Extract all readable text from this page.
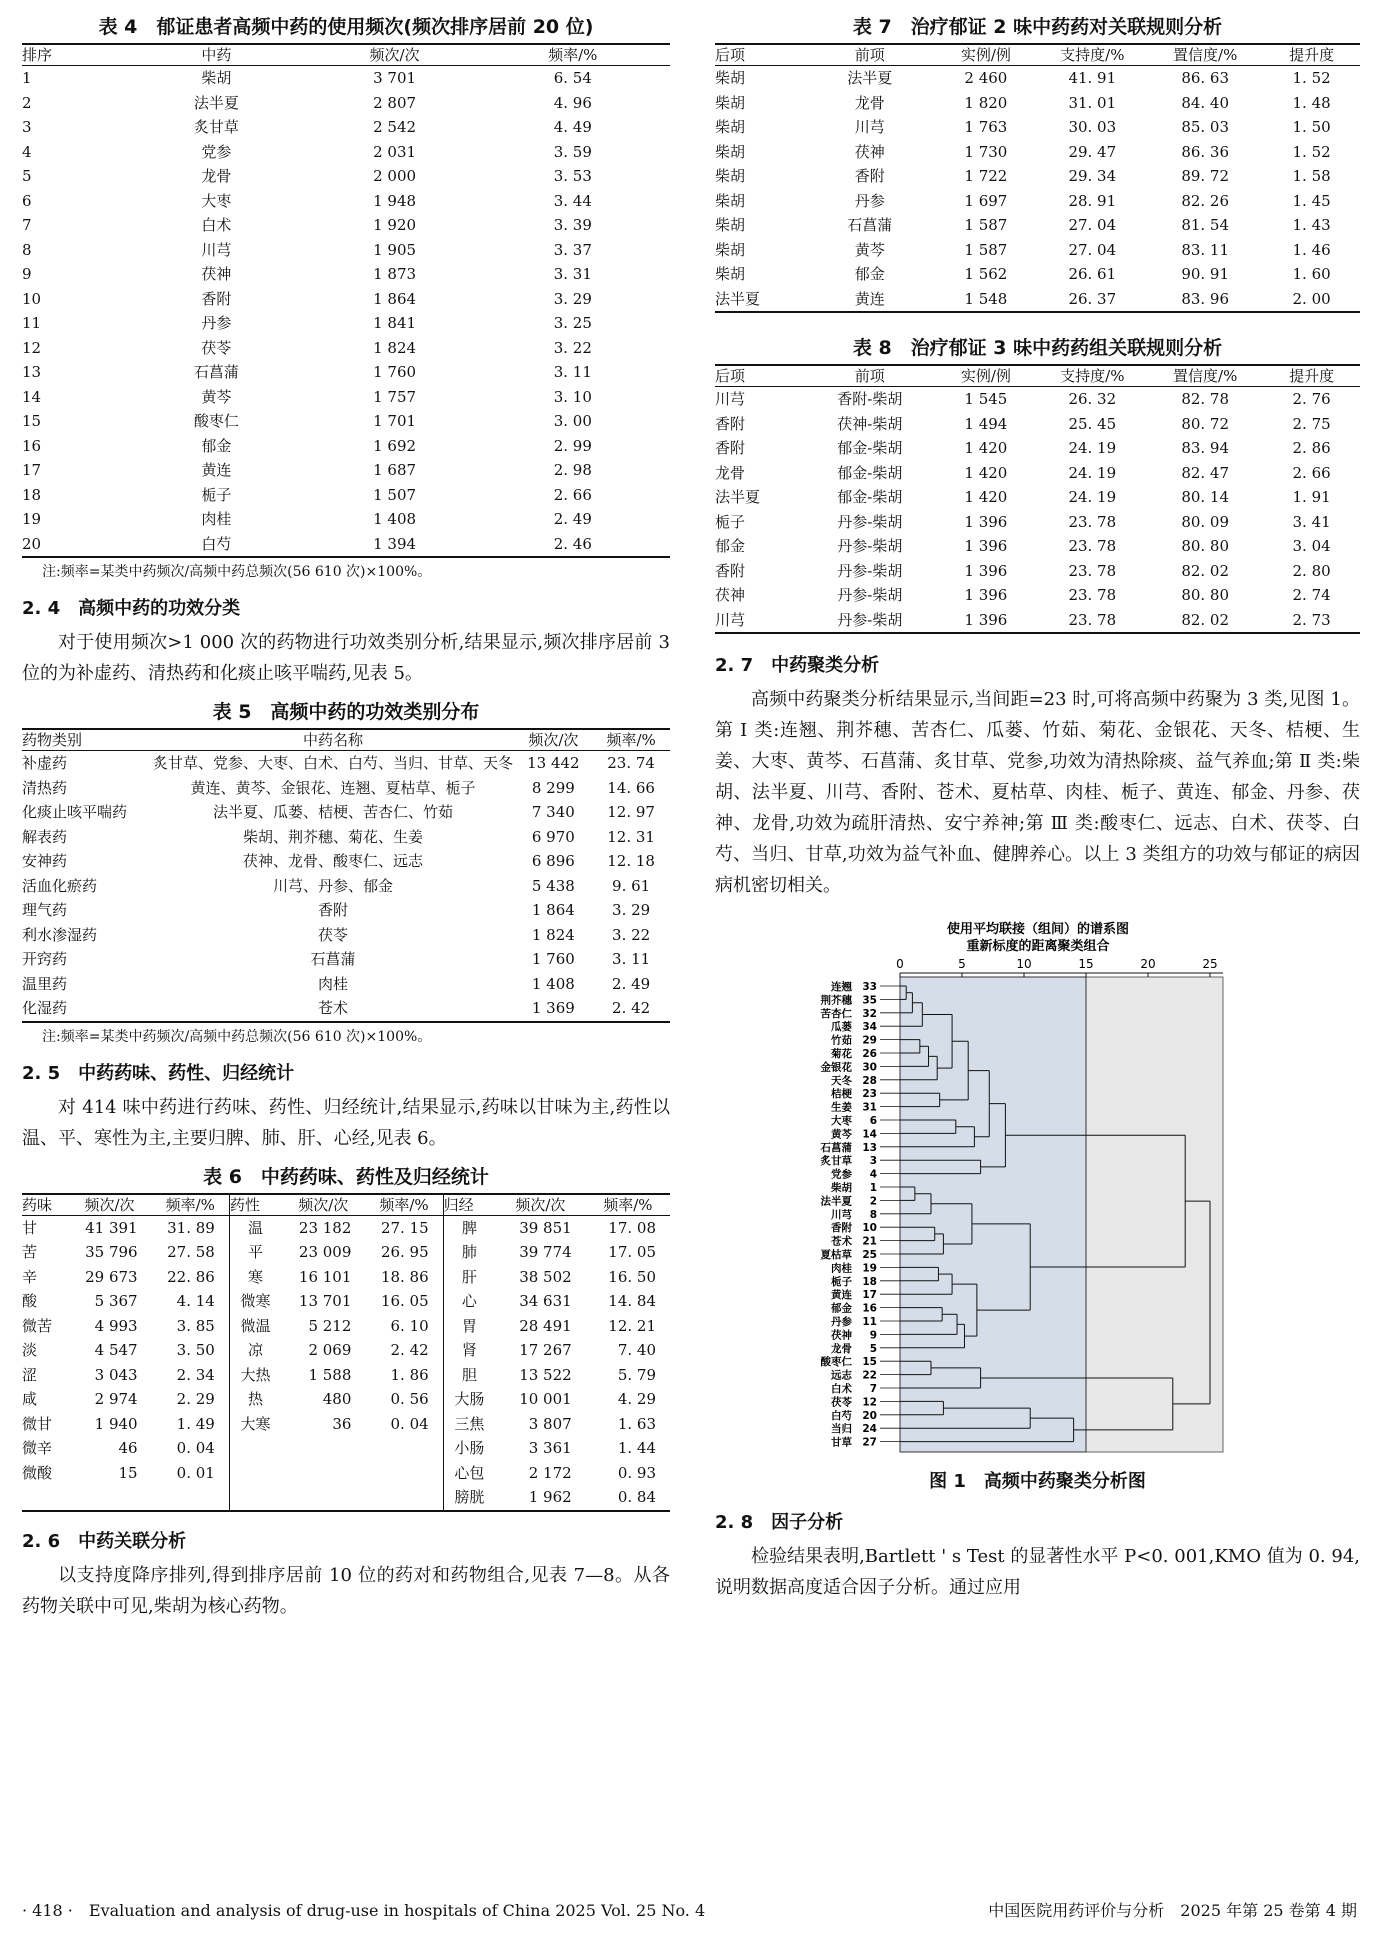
表 4　郁证患者高频中药的使用频次(频次排序居前 20 位)
排序	中药	频次/次	频率/%
1	柴胡	3 701	6. 54
2	法半夏	2 807	4. 96
3	炙甘草	2 542	4. 49
4	党参	2 031	3. 59
5	龙骨	2 000	3. 53
6	大枣	1 948	3. 44
7	白术	1 920	3. 39
8	川芎	1 905	3. 37
9	茯神	1 873	3. 31
10	香附	1 864	3. 29
11	丹参	1 841	3. 25
12	茯苓	1 824	3. 22
13	石菖蒲	1 760	3. 11
14	黄芩	1 757	3. 10
15	酸枣仁	1 701	3. 00
16	郁金	1 692	2. 99
17	黄连	1 687	2. 98
18	栀子	1 507	2. 66
19	肉桂	1 408	2. 49
20	白芍	1 394	2. 46
注:频率=某类中药频次/高频中药总频次(56 610 次)×100%。
2. 4 高频中药的功效分类

对于使用频次>1 000 次的药物进行功效类别分析,结果显示,频次排序居前 3 位的为补虚药、清热药和化痰止咳平喘药,见表 5。

表 5　高频中药的功效类别分布
药物类别	中药名称	频次/次	频率/%
补虚药	炙甘草、党参、大枣、白术、白芍、当归、甘草、天冬	13 442	23. 74
清热药	黄连、黄芩、金银花、连翘、夏枯草、栀子	8 299	14. 66
化痰止咳平喘药	法半夏、瓜蒌、桔梗、苦杏仁、竹茹	7 340	12. 97
解表药	柴胡、荆芥穗、菊花、生姜	6 970	12. 31
安神药	茯神、龙骨、酸枣仁、远志	6 896	12. 18
活血化瘀药	川芎、丹参、郁金	5 438	9. 61
理气药	香附	1 864	3. 29
利水渗湿药	茯苓	1 824	3. 22
开窍药	石菖蒲	1 760	3. 11
温里药	肉桂	1 408	2. 49
化湿药	苍术	1 369	2. 42
注:频率=某类中药频次/高频中药总频次(56 610 次)×100%。
2. 5 中药药味、药性、归经统计

对 414 味中药进行药味、药性、归经统计,结果显示,药味以甘味为主,药性以温、平、寒性为主,主要归脾、肺、肝、心经,见表 6。

表 6　中药药味、药性及归经统计
药味	频次/次	频率/%	药性	频次/次	频率/%	归经	频次/次	频率/%
甘	41 391	31. 89	温	23 182	27. 15	脾	39 851	17. 08
苦	35 796	27. 58	平	23 009	26. 95	肺	39 774	17. 05
辛	29 673	22. 86	寒	16 101	18. 86	肝	38 502	16. 50
酸	5 367	4. 14	微寒	13 701	16. 05	心	34 631	14. 84
微苦	4 993	3. 85	微温	5 212	6. 10	胃	28 491	12. 21
淡	4 547	3. 50	凉	2 069	2. 42	肾	17 267	7. 40
涩	3 043	2. 34	大热	1 588	1. 86	胆	13 522	5. 79
咸	2 974	2. 29	热	480	0. 56	大肠	10 001	4. 29
微甘	1 940	1. 49	大寒	36	0. 04	三焦	3 807	1. 63
微辛	46	0. 04				小肠	3 361	1. 44
微酸	15	0. 01				心包	2 172	0. 93
						膀胱	1 962	0. 84
2. 6 中药关联分析

以支持度降序排列,得到排序居前 10 位的药对和药物组合,见表 7—8。从各药物关联中可见,柴胡为核心药物。

表 7　治疗郁证 2 味中药药对关联规则分析
后项	前项	实例/例	支持度/%	置信度/%	提升度
柴胡	法半夏	2 460	41. 91	86. 63	1. 52
柴胡	龙骨	1 820	31. 01	84. 40	1. 48
柴胡	川芎	1 763	30. 03	85. 03	1. 50
柴胡	茯神	1 730	29. 47	86. 36	1. 52
柴胡	香附	1 722	29. 34	89. 72	1. 58
柴胡	丹参	1 697	28. 91	82. 26	1. 45
柴胡	石菖蒲	1 587	27. 04	81. 54	1. 43
柴胡	黄芩	1 587	27. 04	83. 11	1. 46
柴胡	郁金	1 562	26. 61	90. 91	1. 60
法半夏	黄连	1 548	26. 37	83. 96	2. 00
表 8　治疗郁证 3 味中药药组关联规则分析
后项	前项	实例/例	支持度/%	置信度/%	提升度
川芎	香附-柴胡	1 545	26. 32	82. 78	2. 76
香附	茯神-柴胡	1 494	25. 45	80. 72	2. 75
香附	郁金-柴胡	1 420	24. 19	83. 94	2. 86
龙骨	郁金-柴胡	1 420	24. 19	82. 47	2. 66
法半夏	郁金-柴胡	1 420	24. 19	80. 14	1. 91
栀子	丹参-柴胡	1 396	23. 78	80. 09	3. 41
郁金	丹参-柴胡	1 396	23. 78	80. 80	3. 04
香附	丹参-柴胡	1 396	23. 78	82. 02	2. 80
茯神	丹参-柴胡	1 396	23. 78	80. 80	2. 74
川芎	丹参-柴胡	1 396	23. 78	82. 02	2. 73
2. 7 中药聚类分析

高频中药聚类分析结果显示,当间距=23 时,可将高频中药聚为 3 类,见图 1。第 Ⅰ 类:连翘、荆芥穗、苦杏仁、瓜蒌、竹茹、菊花、金银花、天冬、桔梗、生姜、大枣、黄芩、石菖蒲、炙甘草、党参,功效为清热除痰、益气养血;第 Ⅱ 类:柴胡、法半夏、川芎、香附、苍术、夏枯草、肉桂、栀子、黄连、郁金、丹参、茯神、龙骨,功效为疏肝清热、安宁养神;第 Ⅲ 类:酸枣仁、远志、白术、茯苓、白芍、当归、甘草,功效为益气补血、健脾养心。以上 3 类组方的功效与郁证的病因病机密切相关。

使用平均联接（组间）的谱系图
重新标度的距离聚类组合
0	5	10	15	20	25
连翘 33
荆芥穗 35
苦杏仁 32
瓜蒌 34
竹茹 29
菊花 26
金银花 30
天冬 28
桔梗 23
生姜 31
大枣 6
黄芩 14
石菖蒲 13
炙甘草 3
党参 4
柴胡 1
法半夏 2
川芎 8
香附 10
苍术 21
夏枯草 25
肉桂 19
栀子 18
黄连 17
郁金 16
丹参 11
茯神 9
龙骨 5
酸枣仁 15
远志 22
白术 7
茯苓 12
白芍 20
当归 24
甘草 27
图 1　高频中药聚类分析图
2. 8 因子分析

检验结果表明,Bartlett ' s Test 的显著性水平 P<0. 001,KMO 值为 0. 94,说明数据高度适合因子分析。通过应用

· 418 ·　Evaluation and analysis of drug-use in hospitals of China 2025 Vol. 25 No. 4	中国医院用药评价与分析　2025 年第 25 卷第 4 期
